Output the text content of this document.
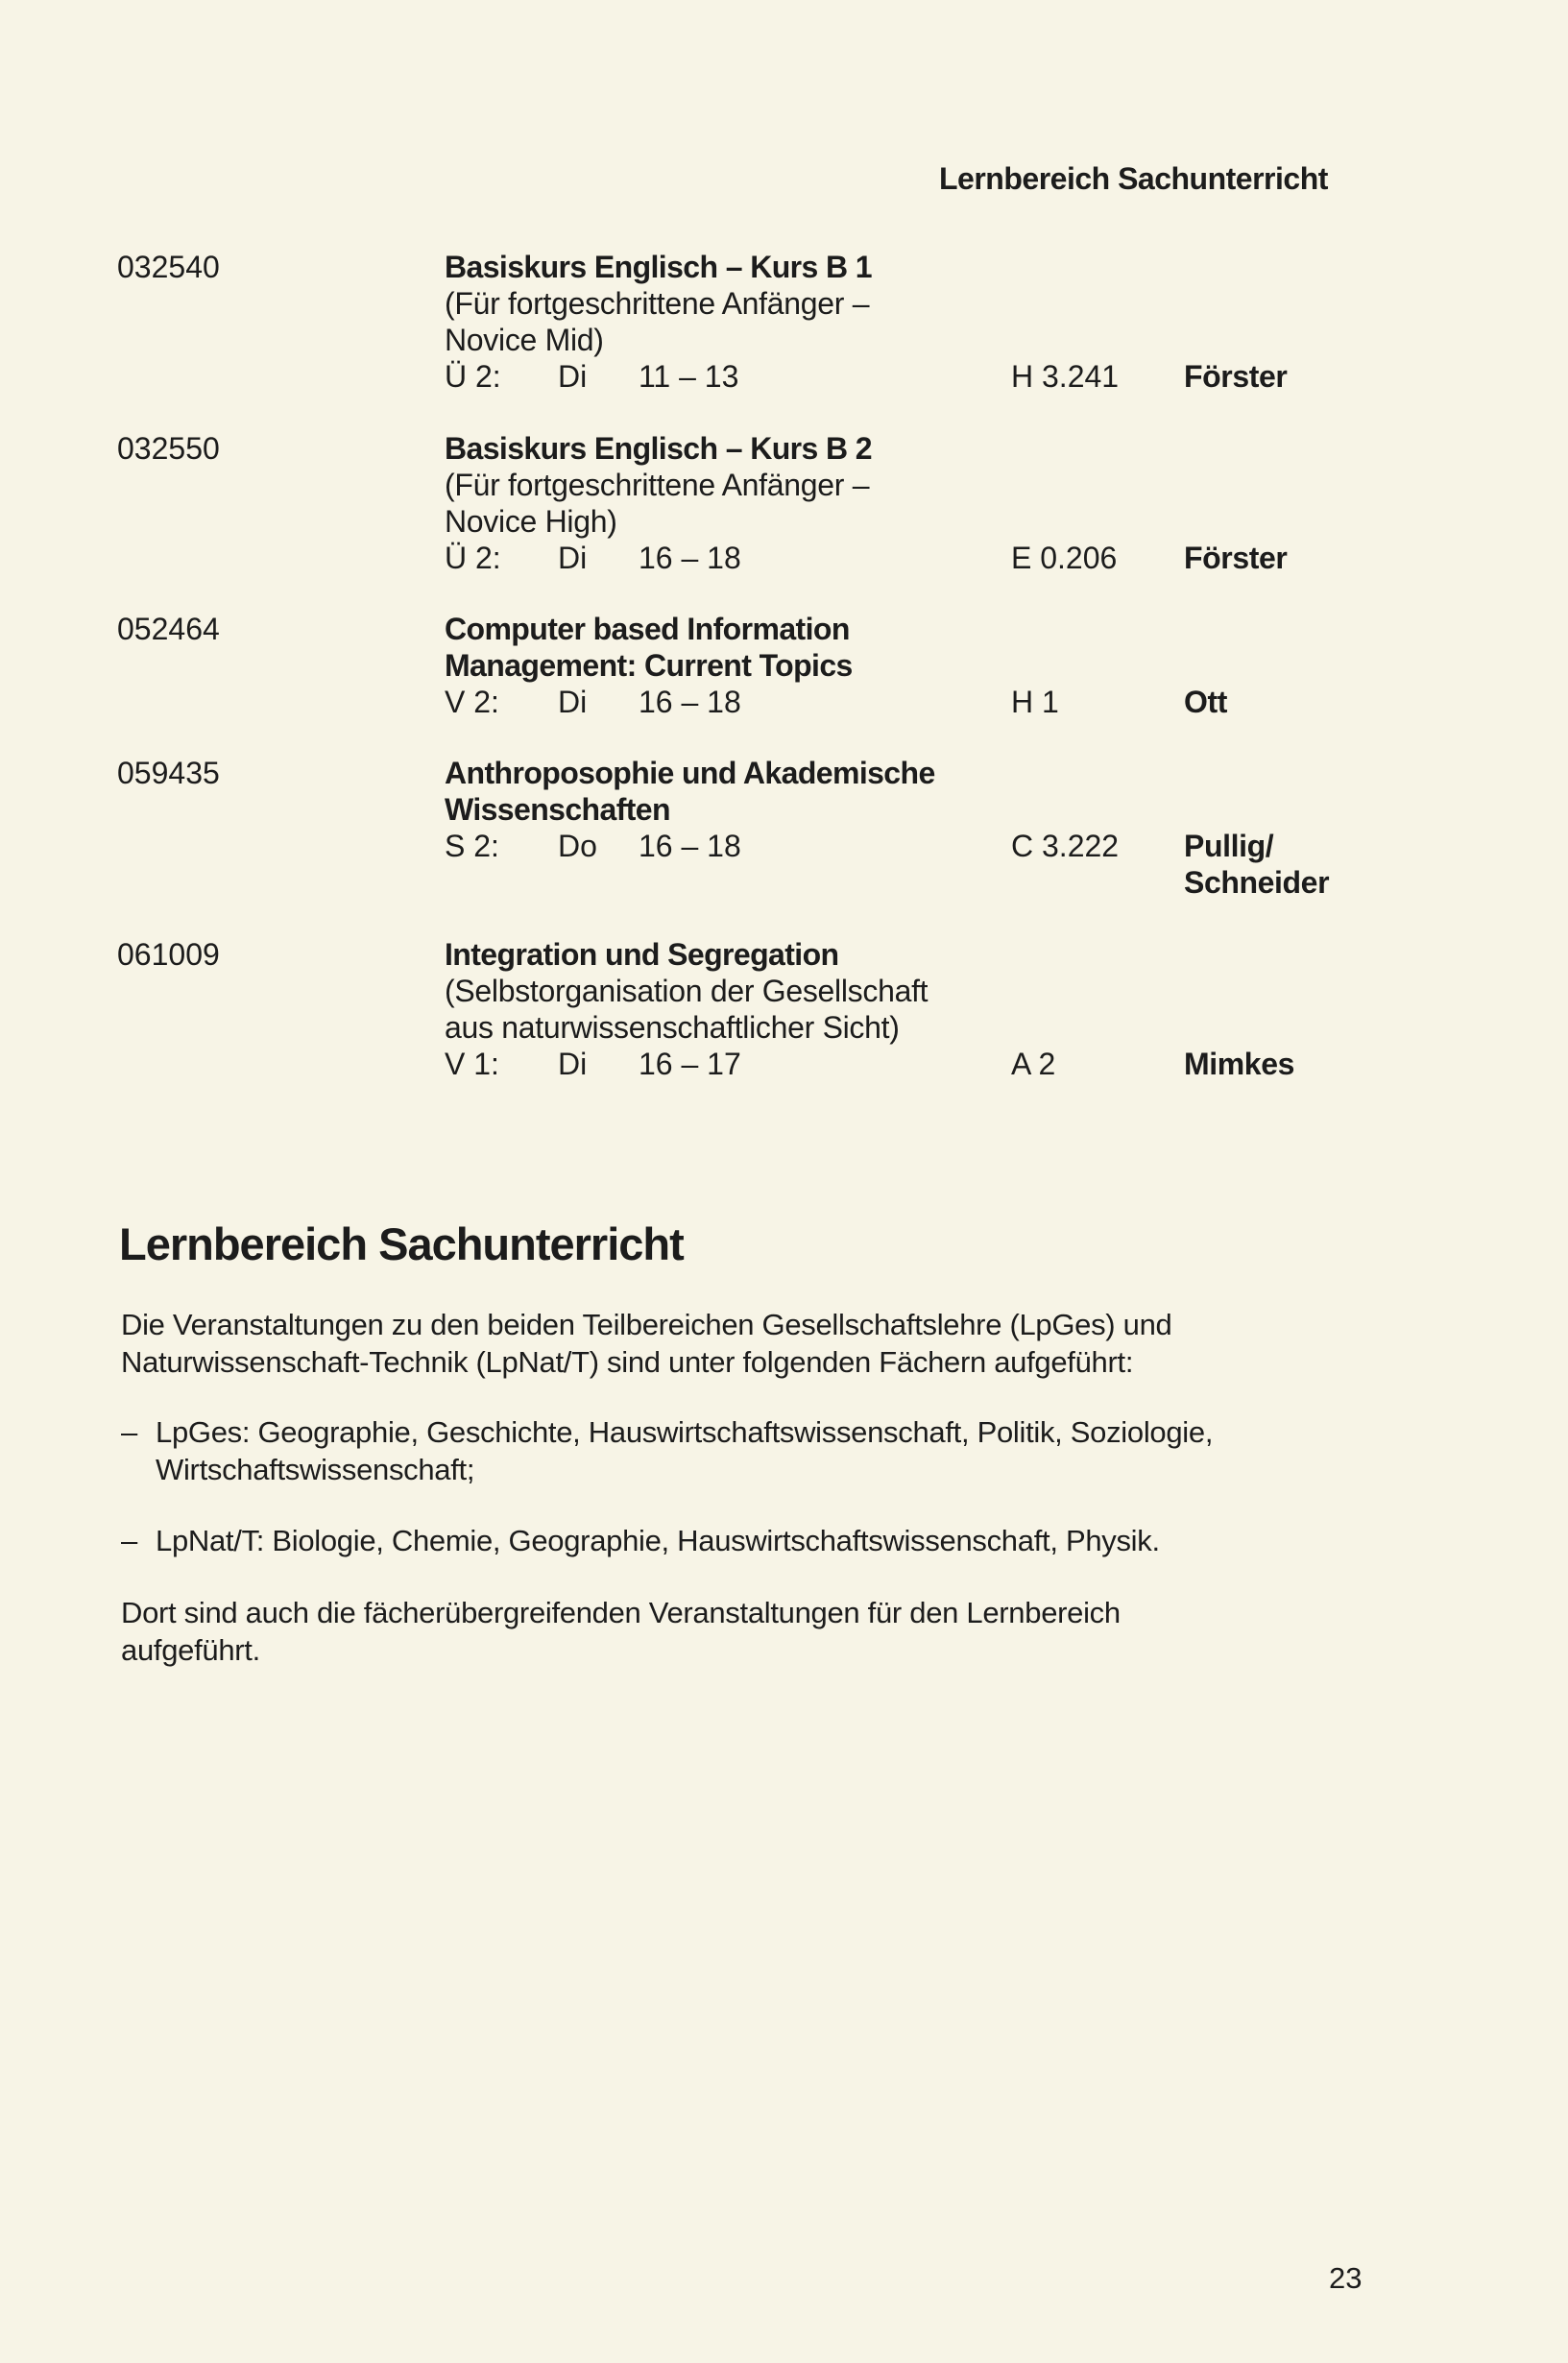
Lernbereich Sachunterricht
032540	Basiskurs Englisch – Kurs B 1
(Für fortgeschrittene Anfänger –
Novice Mid)
Ü 2: Di 11 – 13	H 3.241 Förster
032550	Basiskurs Englisch – Kurs B 2
(Für fortgeschrittene Anfänger –
Novice High)
Ü 2: Di 16 – 18	E 0.206 Förster
052464	Computer based Information
Management: Current Topics
V 2: Di 16 – 18	H 1	Ott
059435	Anthroposophie und Akademische
Wissenschaften
S 2: Do 16 – 18	C 3.222 Pullig/
Schneider
061009	Integration und Segregation
(Selbstorganisation der Gesellschaft
aus naturwissenschaftlicher Sicht)
V 1: Di 16 – 17	A 2	Mimkes
Lernbereich Sachunterricht
Die Veranstaltungen zu den beiden Teilbereichen Gesellschaftslehre (LpGes) und
Naturwissenschaft-Technik (LpNat/T) sind unter folgenden Fächern aufgeführt:
– LpGes: Geographie, Geschichte, Hauswirtschaftswissenschaft, Politik, Soziologie,
Wirtschaftswissenschaft;
– LpNat/T: Biologie, Chemie, Geographie, Hauswirtschaftswissenschaft, Physik.
Dort sind auch die fächerübergreifenden Veranstaltungen für den Lernbereich
aufgeführt.
23
